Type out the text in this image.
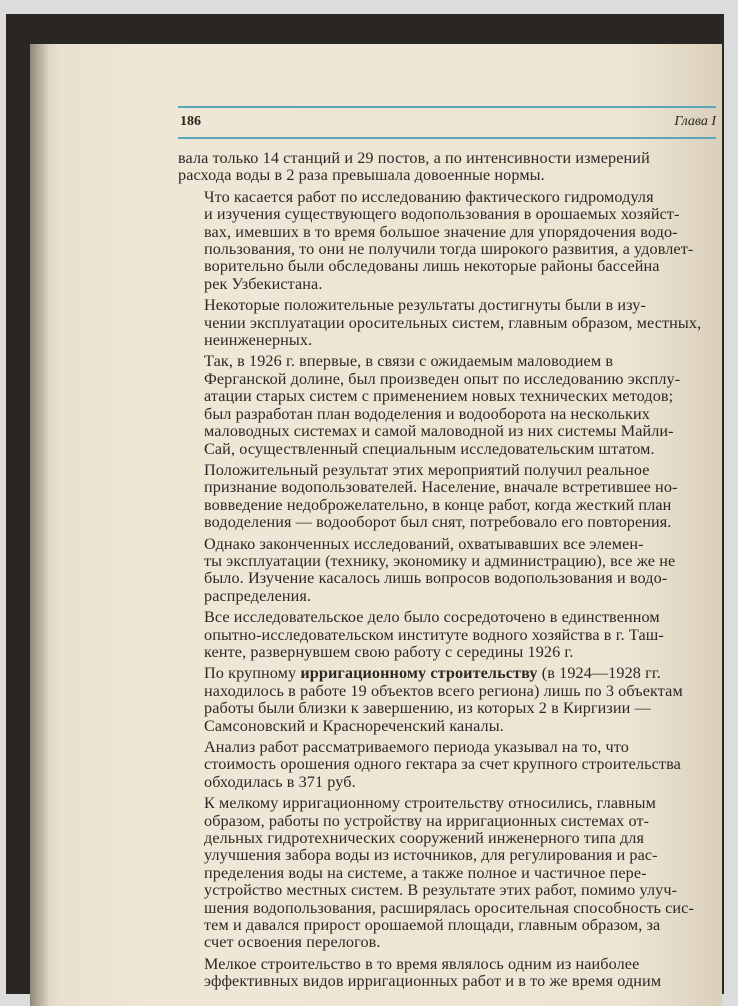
186	Глава I
вала только 14 станций и 29 постов, а по интенсивности измерений
расхода воды в 2 раза превышала довоенные нормы.
Что касается работ по исследованию фактического гидромодуля
и изучения существующего водопользования в орошаемых хозяйст-
вах, имевших в то время большое значение для упорядочения водо-
пользования, то они не получили тогда широкого развития, а удовлет-
ворительно были обследованы лишь некоторые районы бассейна
рек Узбекистана.
Некоторые положительные результаты достигнуты были в изу-
чении эксплуатации оросительных систем, главным образом, местных,
неинженерных.
Так, в 1926 г. впервые, в связи с ожидаемым маловодием в
Ферганской долине, был произведен опыт по исследованию эксплу-
атации старых систем с применением новых технических методов;
был разработан план вододеления и водооборота на нескольких
маловодных системах и самой маловодной из них системы Майли-
Сай, осуществленный специальным исследовательским штатом.
Положительный результат этих мероприятий получил реальное
признание водопользователей. Население, вначале встретившее но-
вовведение недоброжелательно, в конце работ, когда жесткий план
вододеления — водооборот был снят, потребовало его повторения.
Однако законченных исследований, охватывавших все элемен-
ты эксплуатации (технику, экономику и администрацию), все же не
было. Изучение касалось лишь вопросов водопользования и водо-
распределения.
Все исследовательское дело было сосредоточено в единственном
опытно-исследовательском институте водного хозяйства в г. Таш-
кенте, развернувшем свою работу с середины 1926 г.
По крупному ирригационному строительству (в 1924—1928 гг.
находилось в работе 19 объектов всего региона) лишь по 3 объектам
работы были близки к завершению, из которых 2 в Киргизии —
Самсоновский и Краснореченский каналы.
Анализ работ рассматриваемого периода указывал на то, что
стоимость орошения одного гектара за счет крупного строительства
обходилась в 371 руб.
К мелкому ирригационному строительству относились, главным
образом, работы по устройству на ирригационных системах от-
дельных гидротехнических сооружений инженерного типа для
улучшения забора воды из источников, для регулирования и рас-
пределения воды на системе, а также полное и частичное пере-
устройство местных систем. В результате этих работ, помимо улуч-
шения водопользования, расширялась оросительная способность сис-
тем и давался прирост орошаемой площади, главным образом, за
счет освоения перелогов.
Мелкое строительство в то время являлось одним из наиболее
эффективных видов ирригационных работ и в то же время одним
